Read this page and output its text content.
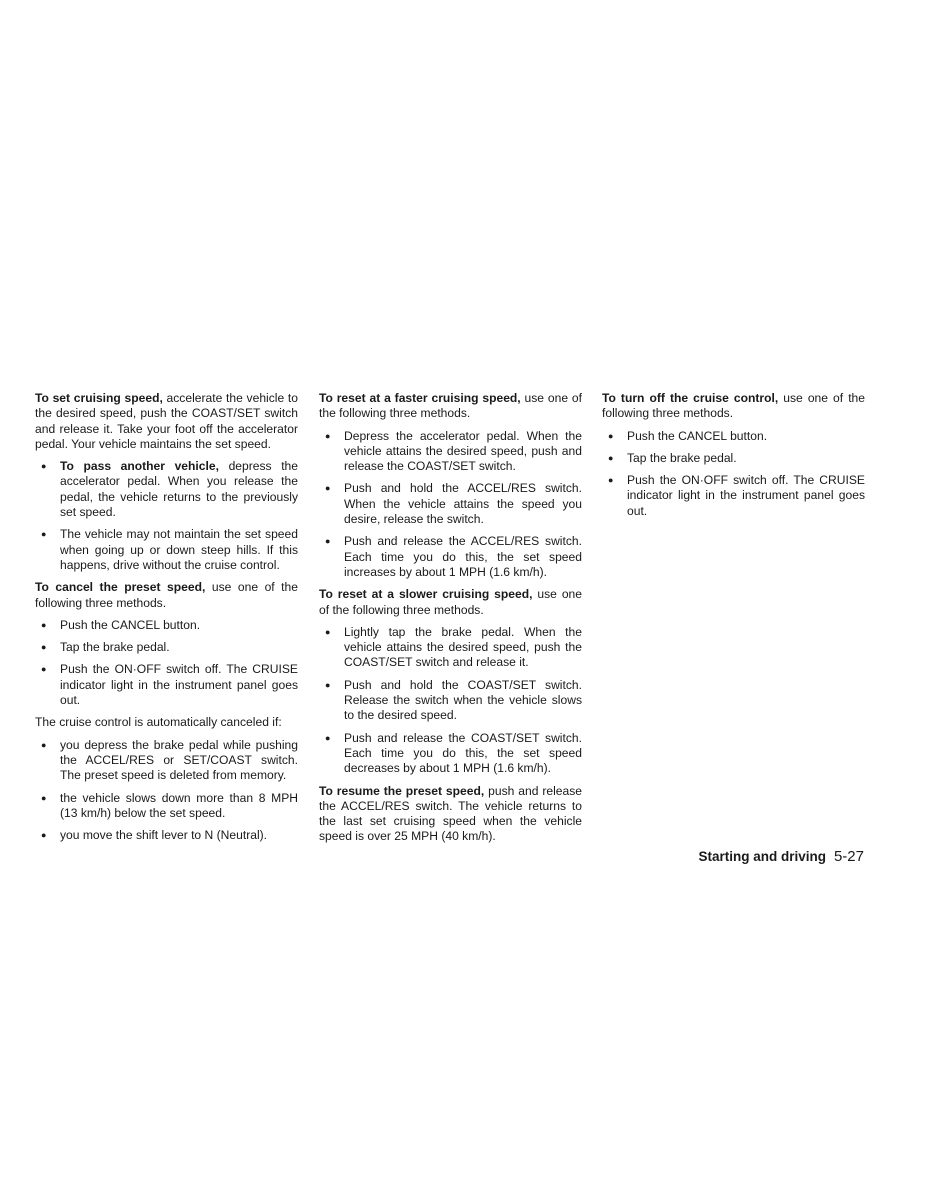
To set cruising speed, accelerate the vehicle to the desired speed, push the COAST/SET switch and release it. Take your foot off the accelerator pedal. Your vehicle maintains the set speed.

● To pass another vehicle, depress the accelerator pedal. When you release the pedal, the vehicle returns to the previously set speed.
● The vehicle may not maintain the set speed when going up or down steep hills. If this happens, drive without the cruise control.

To cancel the preset speed, use one of the following three methods.

● Push the CANCEL button.
● Tap the brake pedal.
● Push the ON·OFF switch off. The CRUISE indicator light in the instrument panel goes out.

The cruise control is automatically canceled if:

● you depress the brake pedal while pushing the ACCEL/RES or SET/COAST switch. The preset speed is deleted from memory.
● the vehicle slows down more than 8 MPH (13 km/h) below the set speed.
● you move the shift lever to N (Neutral).

To reset at a faster cruising speed, use one of the following three methods.

● Depress the accelerator pedal. When the vehicle attains the desired speed, push and release the COAST/SET switch.
● Push and hold the ACCEL/RES switch. When the vehicle attains the speed you desire, release the switch.
● Push and release the ACCEL/RES switch. Each time you do this, the set speed increases by about 1 MPH (1.6 km/h).

To reset at a slower cruising speed, use one of the following three methods.

● Lightly tap the brake pedal. When the vehicle attains the desired speed, push the COAST/SET switch and release it.
● Push and hold the COAST/SET switch. Release the switch when the vehicle slows to the desired speed.
● Push and release the COAST/SET switch. Each time you do this, the set speed decreases by about 1 MPH (1.6 km/h).

To resume the preset speed, push and release the ACCEL/RES switch. The vehicle returns to the last set cruising speed when the vehicle speed is over 25 MPH (40 km/h).

To turn off the cruise control, use one of the following three methods.

● Push the CANCEL button.
● Tap the brake pedal.
● Push the ON·OFF switch off. The CRUISE indicator light in the instrument panel goes out.
Starting and driving 5-27
